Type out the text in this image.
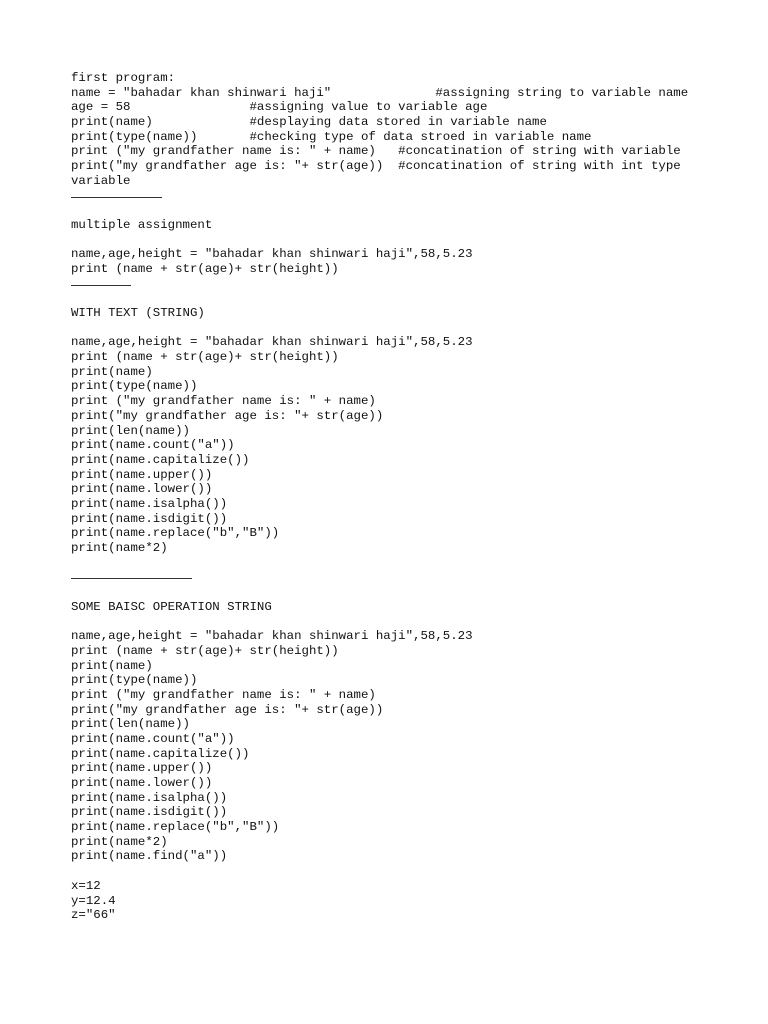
first program:
name = "bahadar khan shinwari haji"              #assigning string to variable name
age = 58                #assigning value to variable age
print(name)             #desplaying data stored in variable name
print(type(name))       #checking type of data stroed in variable name
print ("my grandfather name is: " + name)   #concatination of string with variable
print("my grandfather age is: "+ str(age))  #concatination of string with int type
variable
multiple assignment
name,age,height = "bahadar khan shinwari haji",58,5.23
print (name + str(age)+ str(height))
WITH TEXT (STRING)
name,age,height = "bahadar khan shinwari haji",58,5.23
print (name + str(age)+ str(height))
print(name)
print(type(name))
print ("my grandfather name is: " + name)
print("my grandfather age is: "+ str(age))
print(len(name))
print(name.count("a"))
print(name.capitalize())
print(name.upper())
print(name.lower())
print(name.isalpha())
print(name.isdigit())
print(name.replace("b","B"))
print(name*2)
SOME BAISC OPERATION STRING
name,age,height = "bahadar khan shinwari haji",58,5.23
print (name + str(age)+ str(height))
print(name)
print(type(name))
print ("my grandfather name is: " + name)
print("my grandfather age is: "+ str(age))
print(len(name))
print(name.count("a"))
print(name.capitalize())
print(name.upper())
print(name.lower())
print(name.isalpha())
print(name.isdigit())
print(name.replace("b","B"))
print(name*2)
print(name.find("a"))
x=12
y=12.4
z="66"
